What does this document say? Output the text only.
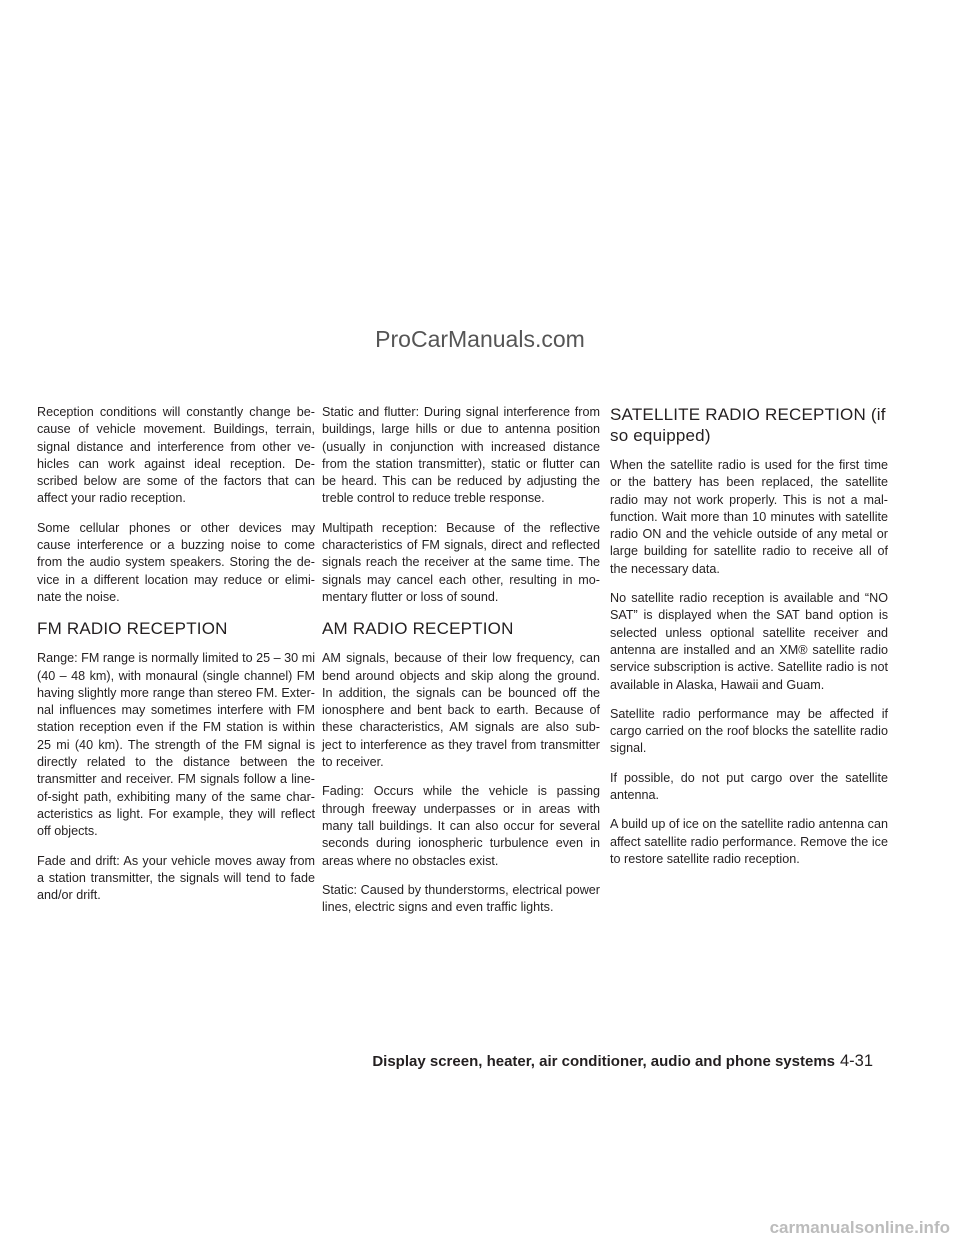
ProCarManuals.com

Reception conditions will constantly change be-cause of vehicle movement. Buildings, terrain, signal distance and interference from other ve-hicles can work against ideal reception. De-scribed below are some of the factors that can affect your radio reception.

Some cellular phones or other devices may cause interference or a buzzing noise to come from the audio system speakers. Storing the de-vice in a different location may reduce or elimi-nate the noise.

FM RADIO RECEPTION

Range: FM range is normally limited to 25 – 30 mi (40 – 48 km), with monaural (single channel) FM having slightly more range than stereo FM. Exter-nal influences may sometimes interfere with FM station reception even if the FM station is within 25 mi (40 km). The strength of the FM signal is directly related to the distance between the transmitter and receiver. FM signals follow a line-of-sight path, exhibiting many of the same char-acteristics as light. For example, they will reflect off objects.

Fade and drift: As your vehicle moves away from a station transmitter, the signals will tend to fade and/or drift.

Static and flutter: During signal interference from buildings, large hills or due to antenna position (usually in conjunction with increased distance from the station transmitter), static or flutter can be heard. This can be reduced by adjusting the treble control to reduce treble response.

Multipath reception: Because of the reflective characteristics of FM signals, direct and reflected signals reach the receiver at the same time. The signals may cancel each other, resulting in mo-mentary flutter or loss of sound.

AM RADIO RECEPTION

AM signals, because of their low frequency, can bend around objects and skip along the ground. In addition, the signals can be bounced off the ionosphere and bent back to earth. Because of these characteristics, AM signals are also sub-ject to interference as they travel from transmitter to receiver.

Fading: Occurs while the vehicle is passing through freeway underpasses or in areas with many tall buildings. It can also occur for several seconds during ionospheric turbulence even in areas where no obstacles exist.

Static: Caused by thunderstorms, electrical power lines, electric signs and even traffic lights.

SATELLITE RADIO RECEPTION (if so equipped)

When the satellite radio is used for the first time or the battery has been replaced, the satellite radio may not work properly. This is not a mal-function. Wait more than 10 minutes with satellite radio ON and the vehicle outside of any metal or large building for satellite radio to receive all of the necessary data.

No satellite radio reception is available and “NO SAT” is displayed when the SAT band option is selected unless optional satellite receiver and antenna are installed and an XM® satellite radio service subscription is active. Satellite radio is not available in Alaska, Hawaii and Guam.

Satellite radio performance may be affected if cargo carried on the roof blocks the satellite radio signal.

If possible, do not put cargo over the satellite antenna.

A build up of ice on the satellite radio antenna can affect satellite radio performance. Remove the ice to restore satellite radio reception.

Display screen, heater, air conditioner, audio and phone systems 4-31
carmanualsonline.info
